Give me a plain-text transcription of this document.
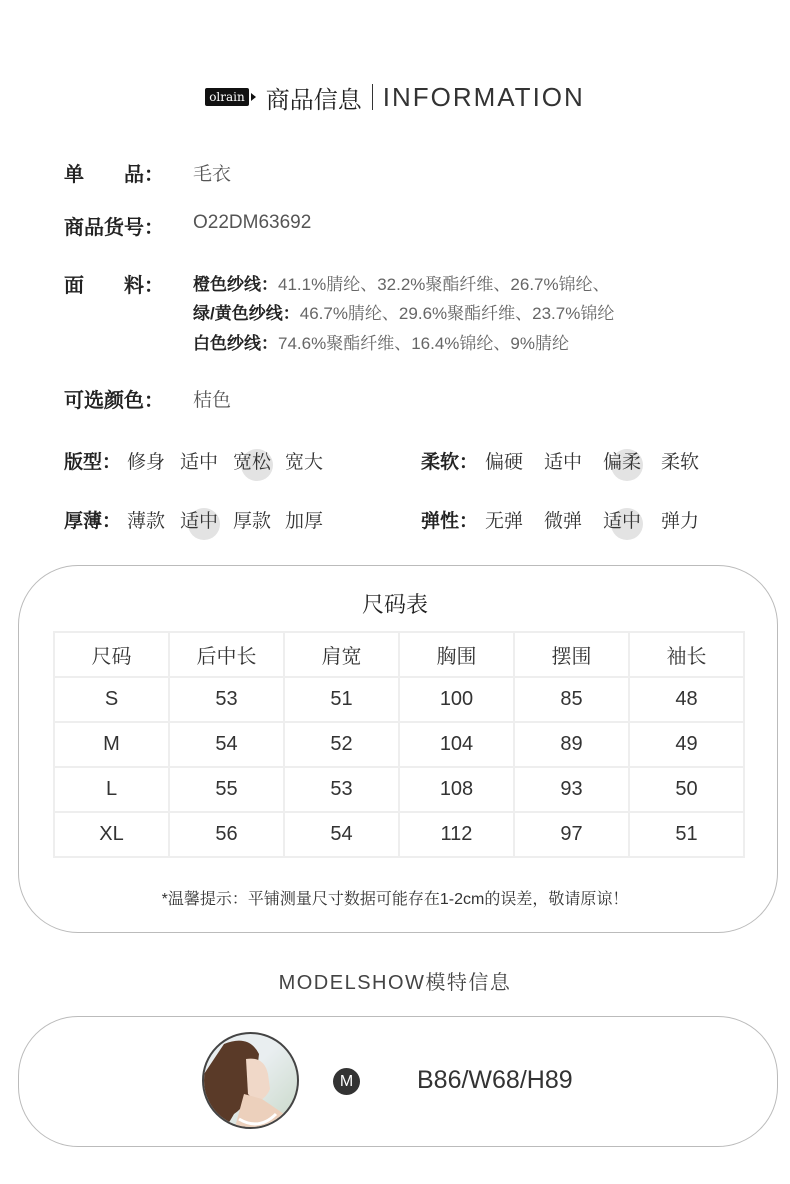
olrain 商品信息 INFORMATION
单　　品： 毛衣
商品货号： O22DM63692
面　　料： 橙色纱线：41.1%腈纶、32.2%聚酯纤维、26.7%锦纶、
绿/黄色纱线：46.7%腈纶、29.6%聚酯纤维、23.7%锦纶
白色纱线：74.6%聚酯纤维、16.4%锦纶、9%腈纶
可选颜色： 桔色
版型： 修身 适中 宽松 宽大	柔软： 偏硬 适中 偏柔 柔软
厚薄： 薄款 适中 厚款 加厚	弹性： 无弹 微弹 适中 弹力
尺码表
尺码	后中长	肩宽	胸围	摆围	袖长
S	53	51	100	85	48
M	54	52	104	89	49
L	55	53	108	93	50
XL	56	54	112	97	51
*温馨提示：平铺测量尺寸数据可能存在1-2cm的误差，敬请原谅！
MODELSHOW模特信息
M	B86/W68/H89
